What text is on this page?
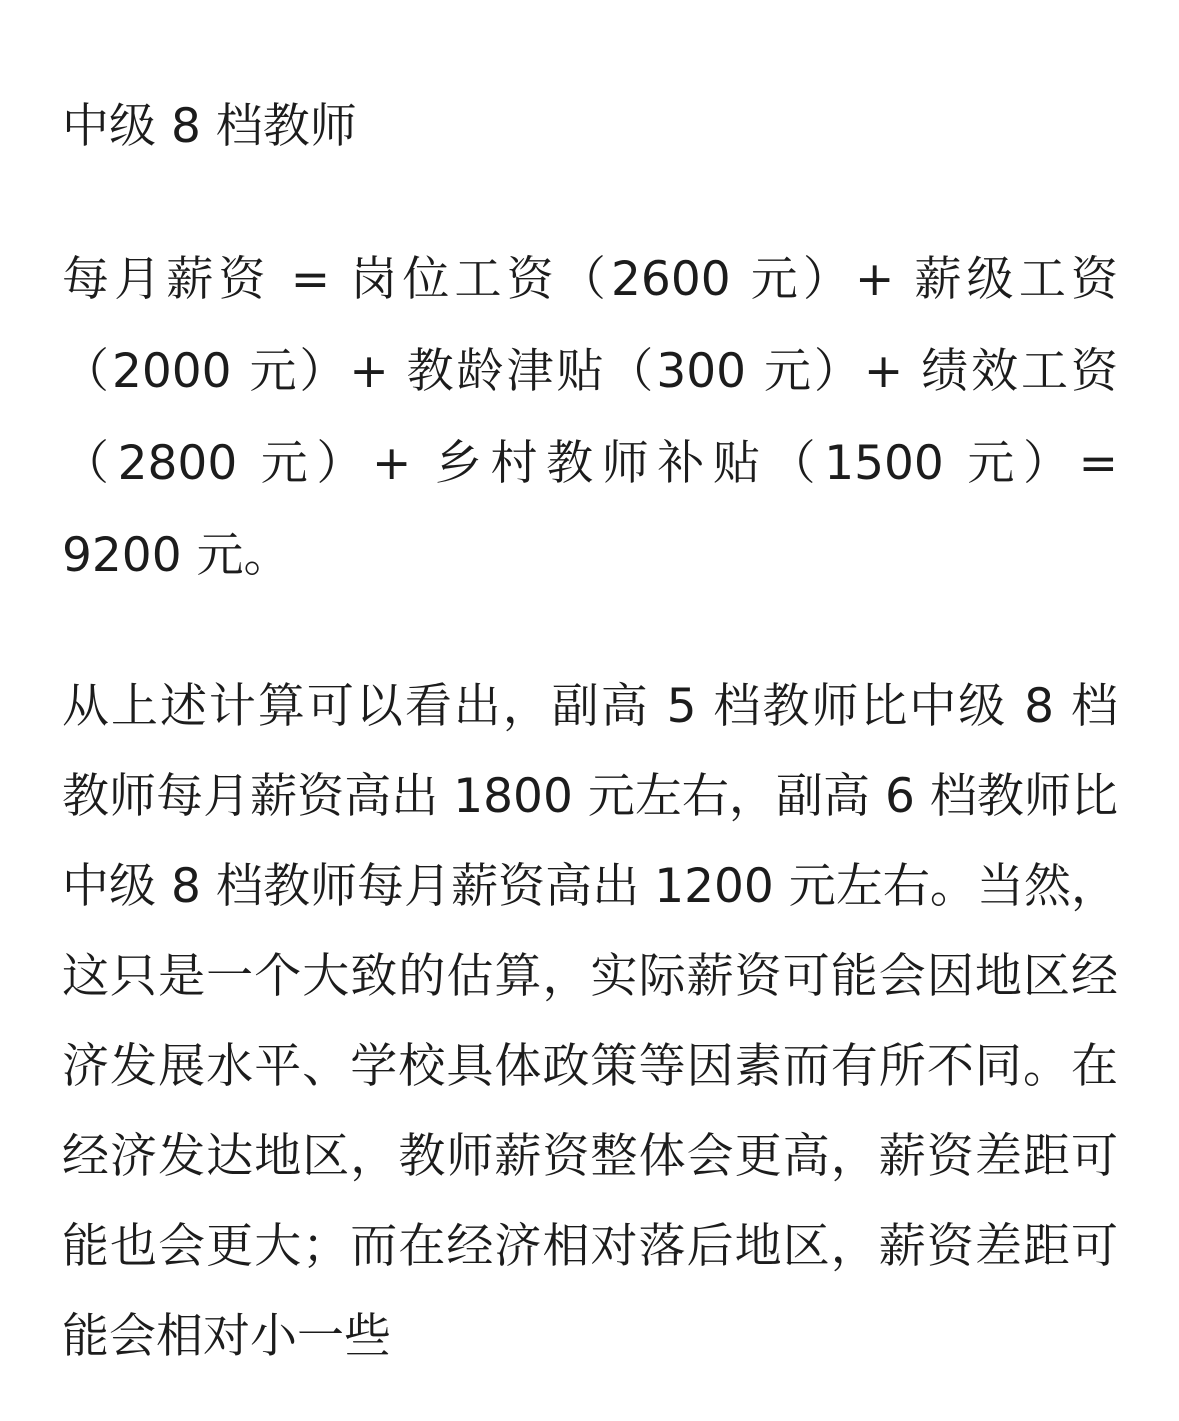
中级 8 档教师

每月薪资 = 岗位工资（2600 元）+ 薪级工资（2000 元）+ 教龄津贴（300 元）+ 绩效工资（2800 元）+ 乡村教师补贴（1500 元）= 9200 元。

从上述计算可以看出，副高 5 档教师比中级 8 档教师每月薪资高出 1800 元左右，副高 6 档教师比中级 8 档教师每月薪资高出 1200 元左右。当然，这只是一个大致的估算，实际薪资可能会因地区经济发展水平、学校具体政策等因素而有所不同。在经济发达地区，教师薪资整体会更高，薪资差距可能也会更大；而在经济相对落后地区，薪资差距可能会相对小一些
